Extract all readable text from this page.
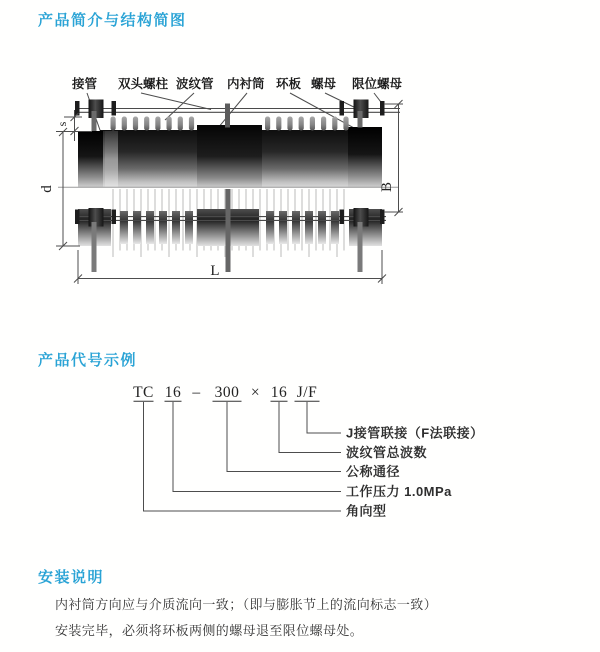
产品简介与结构简图
产品代号示例
安装说明
内衬筒方向应与介质流向一致；（即与膨胀节上的流向标志一致）
安装完毕，必须将环板两侧的螺母退至限位螺母处。
接管 双头螺柱 波纹管 内衬筒 环板 螺母 限位螺母
s
d	B
L
TC 16 – 300 × 16 J/F
J接管联接（F法联接）
波纹管总波数
公称通径
工作压力 1.0MPa
角向型
